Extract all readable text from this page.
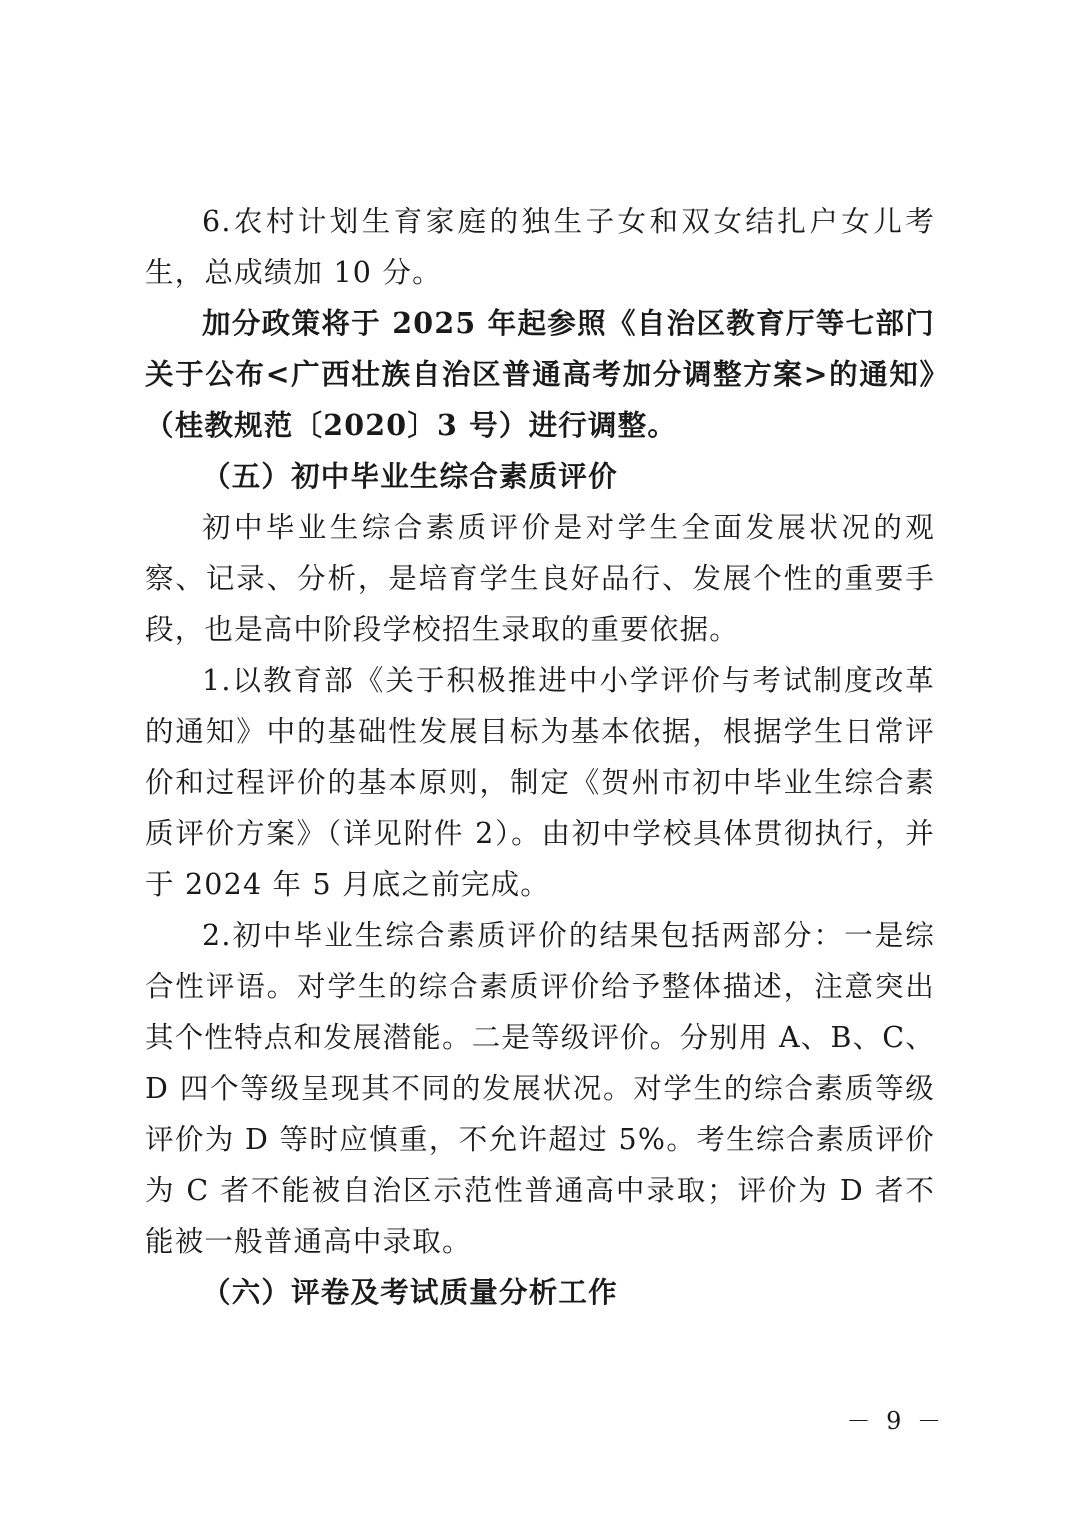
6.农村计划生育家庭的独生子女和双女结扎户女儿考生，总成绩加 10 分。

加分政策将于 2025 年起参照《自治区教育厅等七部门关于公布<广西壮族自治区普通高考加分调整方案>的通知》（桂教规范〔2020〕3 号）进行调整。

（五）初中毕业生综合素质评价

初中毕业生综合素质评价是对学生全面发展状况的观察、记录、分析，是培育学生良好品行、发展个性的重要手段，也是高中阶段学校招生录取的重要依据。

1.以教育部《关于积极推进中小学评价与考试制度改革的通知》中的基础性发展目标为基本依据，根据学生日常评价和过程评价的基本原则，制定《贺州市初中毕业生综合素质评价方案》（详见附件 2）。由初中学校具体贯彻执行，并于 2024 年 5 月底之前完成。

2.初中毕业生综合素质评价的结果包括两部分：一是综合性评语。对学生的综合素质评价给予整体描述，注意突出其个性特点和发展潜能。二是等级评价。分别用 A、B、C、D 四个等级呈现其不同的发展状况。对学生的综合素质等级评价为 D 等时应慎重，不允许超过 5%。考生综合素质评价为 C 者不能被自治区示范性普通高中录取；评价为 D 者不能被一般普通高中录取。

（六）评卷及考试质量分析工作

－ 9 －
